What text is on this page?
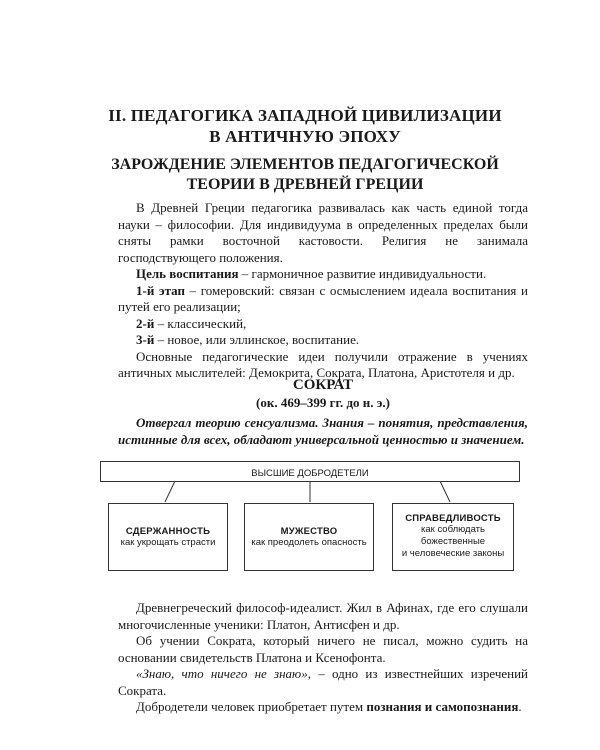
II. ПЕДАГОГИКА ЗАПАДНОЙ ЦИВИЛИЗАЦИИ
В АНТИЧНУЮ ЭПОХУ
ЗАРОЖДЕНИЕ ЭЛЕМЕНТОВ ПЕДАГОГИЧЕСКОЙ
ТЕОРИИ В ДРЕВНЕЙ ГРЕЦИИ

В Древней Греции педагогика развивалась как часть единой тогда науки – философии. Для индивидуума в определенных пределах были сняты рамки восточной кастовости. Религия не занимала господствующего положения.

Цель воспитания – гармоничное развитие индивидуальности.

1-й этап – гомеровский: связан с осмыслением идеала воспитания и путей его реализации;

2-й – классический,

3-й – новое, или эллинское, воспитание.

Основные педагогические идеи получили отражение в учениях античных мыслителей: Демокрита, Сократа, Платона, Аристотеля и др.

СОКРАТ
(ок. 469–399 гг. до н. э.)

Отвергал теорию сенсуализма. Знания – понятия, представления, истинные для всех, обладают универсальной ценностью и значением.

ВЫСШИЕ ДОБРОДЕТЕЛИ
СДЕРЖАННОСТЬ
как укрощать страсти
МУЖЕСТВО
как преодолеть опасность
СПРАВЕДЛИВОСТЬ
как соблюдать
божественные
и человеческие законы

Древнегреческий философ-идеалист. Жил в Афинах, где его слушали многочисленные ученики: Платон, Антисфен и др.

Об учении Сократа, который ничего не писал, можно судить на основании свидетельств Платона и Ксенофонта.

«Знаю, что ничего не знаю», – одно из известнейших изречений Сократа.

Добродетели человек приобретает путем познания и самопознания.
